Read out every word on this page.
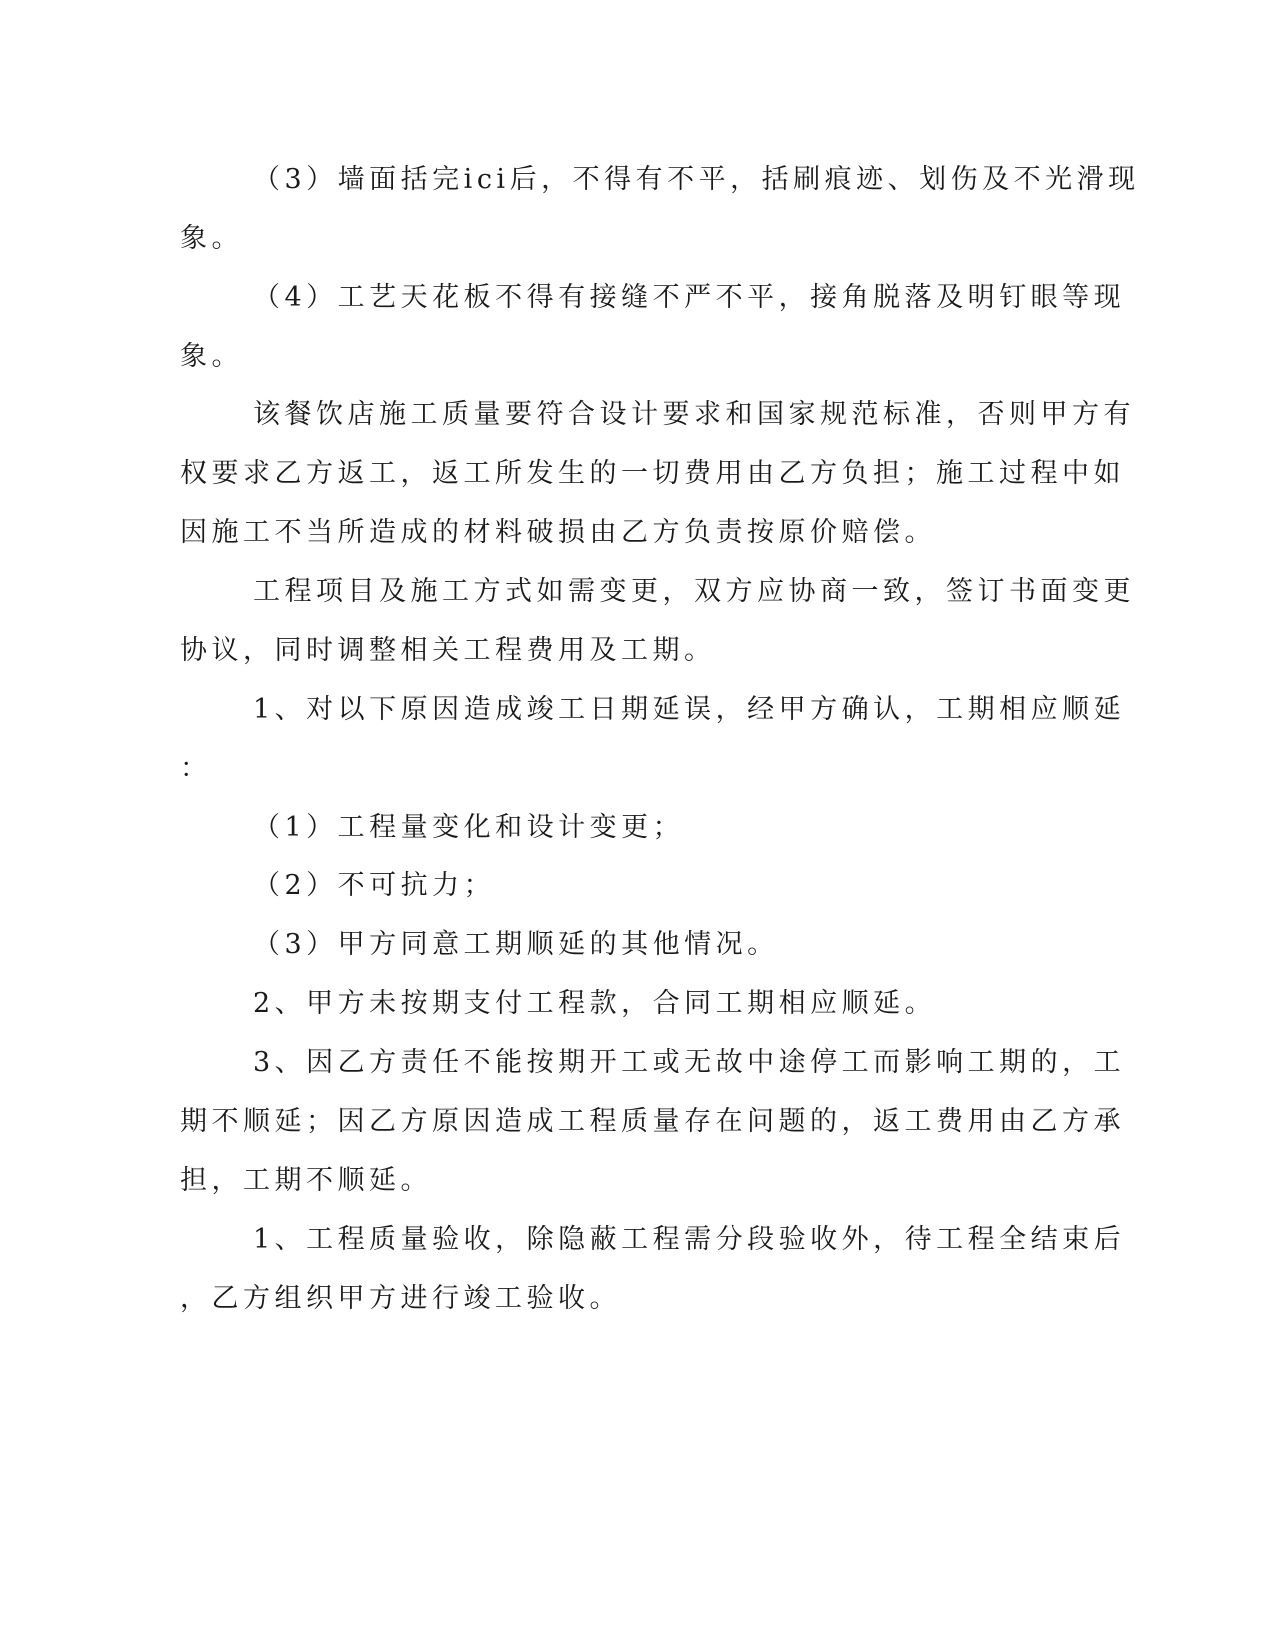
（3）墙面括完ici后，不得有不平，括刷痕迹、划伤及不光滑现
象。
（4）工艺天花板不得有接缝不严不平，接角脱落及明钉眼等现
象。
该餐饮店施工质量要符合设计要求和国家规范标准，否则甲方有
权要求乙方返工，返工所发生的一切费用由乙方负担；施工过程中如
因施工不当所造成的材料破损由乙方负责按原价赔偿。
工程项目及施工方式如需变更，双方应协商一致，签订书面变更
协议，同时调整相关工程费用及工期。
1、对以下原因造成竣工日期延误，经甲方确认，工期相应顺延
：
（1）工程量变化和设计变更；
（2）不可抗力；
（3）甲方同意工期顺延的其他情况。
2、甲方未按期支付工程款，合同工期相应顺延。
3、因乙方责任不能按期开工或无故中途停工而影响工期的，工
期不顺延；因乙方原因造成工程质量存在问题的，返工费用由乙方承
担，工期不顺延。
1、工程质量验收，除隐蔽工程需分段验收外，待工程全结束后
，乙方组织甲方进行竣工验收。
